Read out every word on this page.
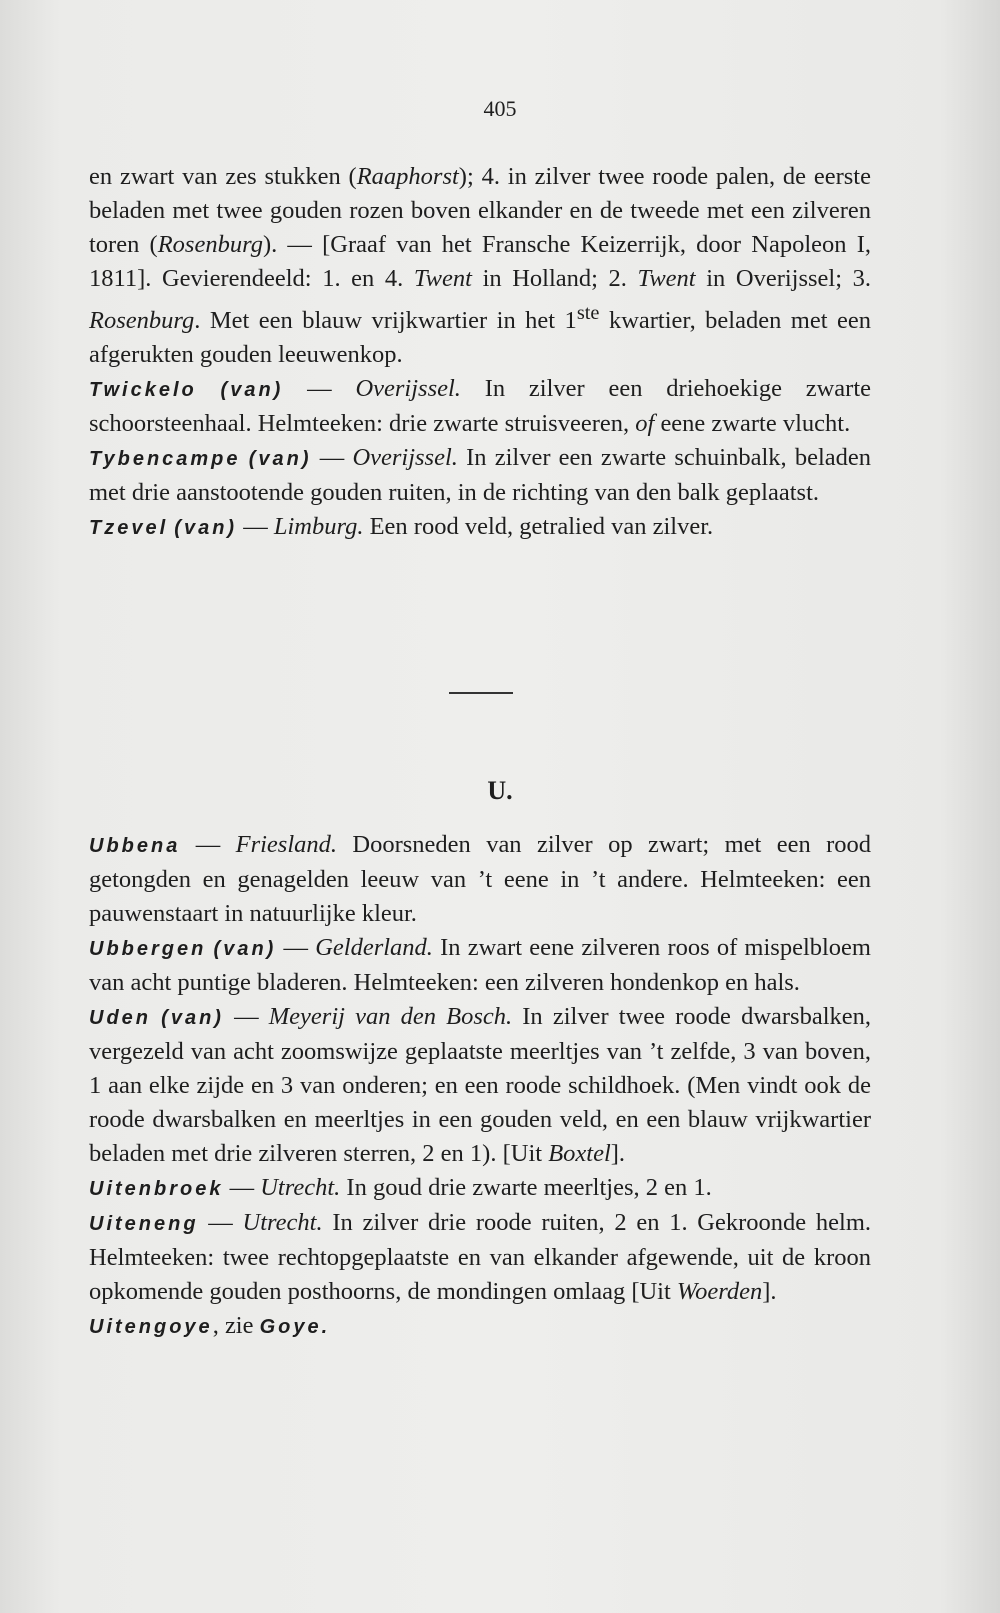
405

en zwart van zes stukken (Raaphorst); 4. in zilver twee roode palen, de eerste beladen met twee gouden rozen boven elkander en de tweede met een zilveren toren (Rosenburg). — [Graaf van het Fransche Keizerrijk, door Napoleon I, 1811]. Gevierendeeld: 1. en 4. Twent in Holland; 2. Twent in Overijssel; 3. Rosenburg. Met een blauw vrijkwartier in het 1ste kwartier, beladen met een afgerukten gouden leeuwenkop.

Twickelo (van) — Overijssel. In zilver een driehoekige zwarte schoorsteenhaal. Helmteeken: drie zwarte struisveeren, of eene zwarte vlucht.

Tybencampe (van) — Overijssel. In zilver een zwarte schuinbalk, beladen met drie aanstootende gouden ruiten, in de richting van den balk geplaatst.

Tzevel (van) — Limburg. Een rood veld, getralied van zilver.

U.

Ubbena — Friesland. Doorsneden van zilver op zwart; met een rood getongden en genagelden leeuw van ’t eene in ’t andere. Helmteeken: een pauwenstaart in natuurlijke kleur.

Ubbergen (van) — Gelderland. In zwart eene zilveren roos of mispelbloem van acht puntige bladeren. Helmteeken: een zilveren hondenkop en hals.

Uden (van) — Meyerij van den Bosch. In zilver twee roode dwarsbalken, vergezeld van acht zoomswijze geplaatste meerltjes van ’t zelfde, 3 van boven, 1 aan elke zijde en 3 van onderen; en een roode schildhoek. (Men vindt ook de roode dwarsbalken en meerltjes in een gouden veld, en een blauw vrijkwartier beladen met drie zilveren sterren, 2 en 1). [Uit Boxtel].

Uitenbroek — Utrecht. In goud drie zwarte meerltjes, 2 en 1.

Uiteneng — Utrecht. In zilver drie roode ruiten, 2 en 1. Gekroonde helm. Helmteeken: twee rechtopgeplaatste en van elkander afgewende, uit de kroon opkomende gouden posthoorns, de mondingen omlaag [Uit Woerden].

Uitengoye, zie Goye.
